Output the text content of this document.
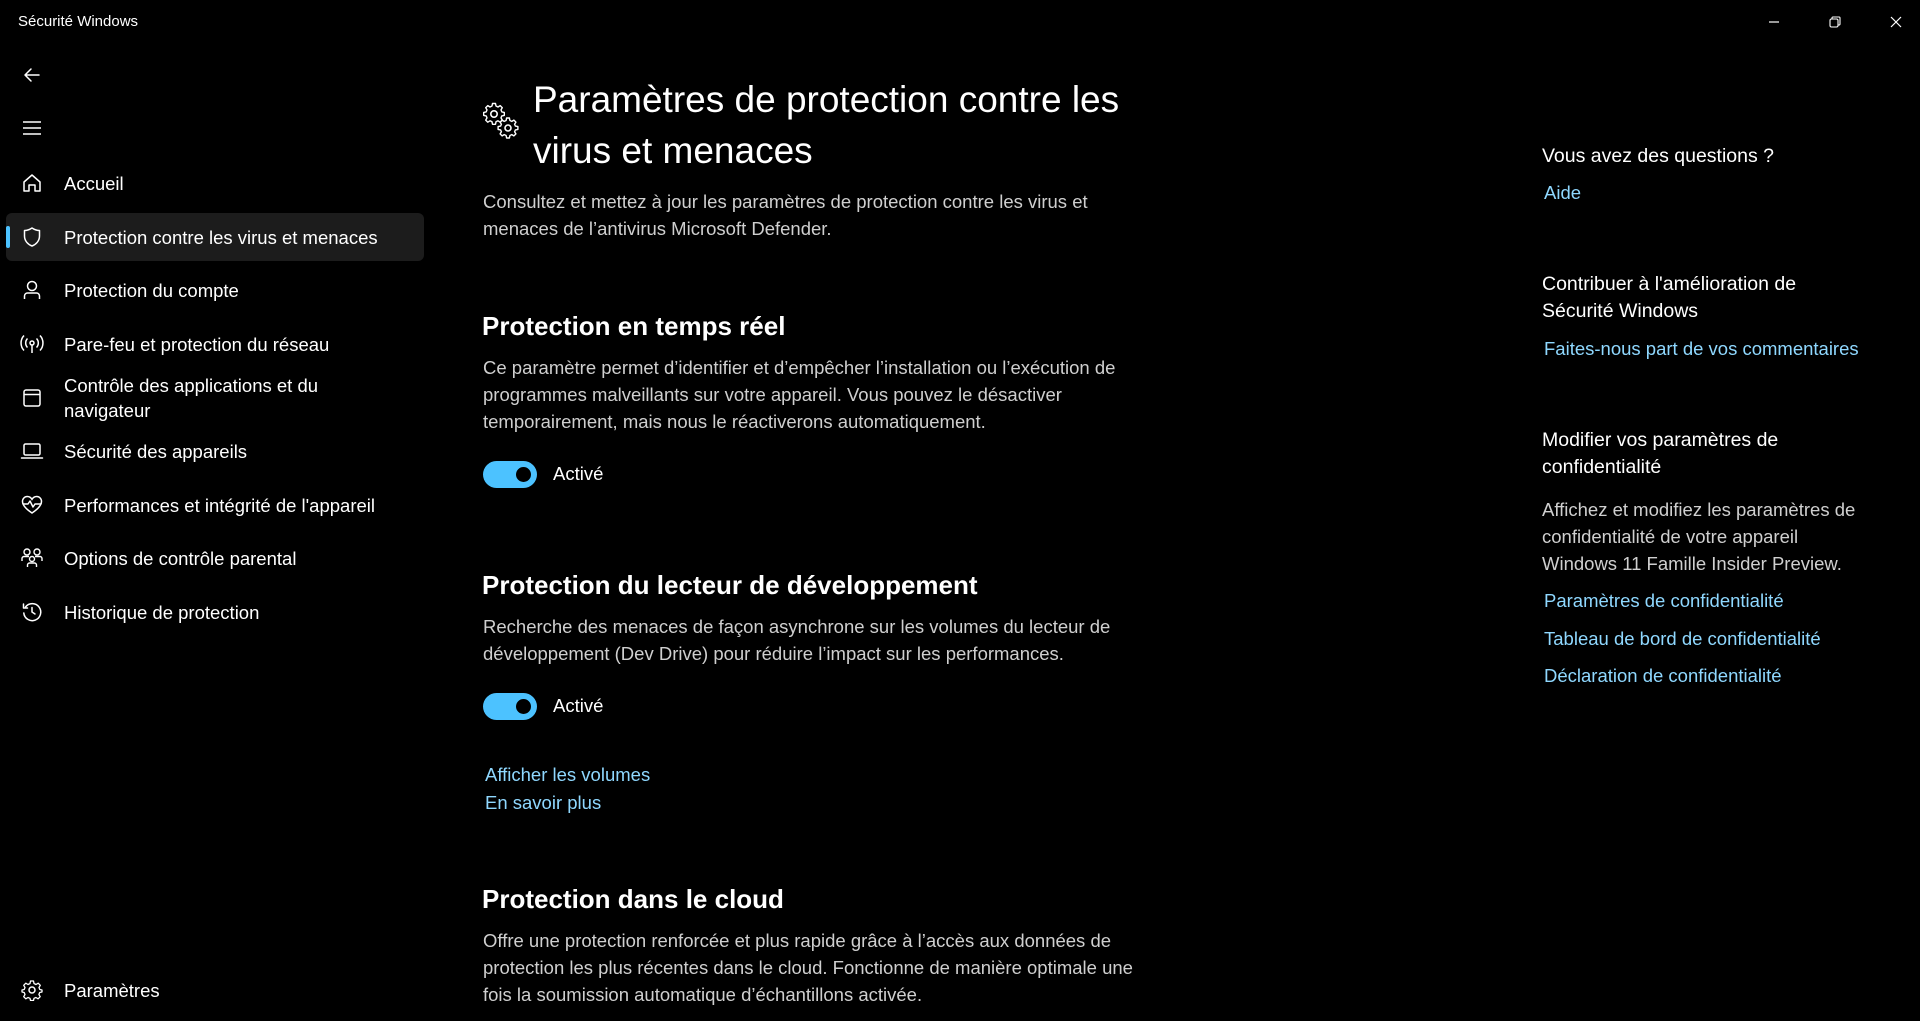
Sécurité Windows
Accueil
Protection contre les virus et menaces
Protection du compte
Pare-feu et protection du réseau
Contrôle des applications et du navigateur
Sécurité des appareils
Performances et intégrité de l'appareil
Options de contrôle parental
Historique de protection
Paramètres
Paramètres de protection contre les virus et menaces

Consultez et mettez à jour les paramètres de protection contre les virus et menaces de l’antivirus Microsoft Defender.

Protection en temps réel

Ce paramètre permet d’identifier et d’empêcher l’installation ou l’exécution de programmes malveillants sur votre appareil. Vous pouvez le désactiver temporairement, mais nous le réactiverons automatiquement.

Activé
Protection du lecteur de développement

Recherche des menaces de façon asynchrone sur les volumes du lecteur de développement (Dev Drive) pour réduire l’impact sur les performances.

Activé
Afficher les volumes
En savoir plus
Protection dans le cloud

Offre une protection renforcée et plus rapide grâce à l’accès aux données de protection les plus récentes dans le cloud. Fonctionne de manière optimale une fois la soumission automatique d’échantillons activée.

Vous avez des questions ?
Aide
Contribuer à l'amélioration de Sécurité Windows
Faites-nous part de vos commentaires
Modifier vos paramètres de confidentialité

Affichez et modifiez les paramètres de confidentialité de votre appareil Windows 11 Famille Insider Preview.

Paramètres de confidentialité
Tableau de bord de confidentialité
Déclaration de confidentialité
